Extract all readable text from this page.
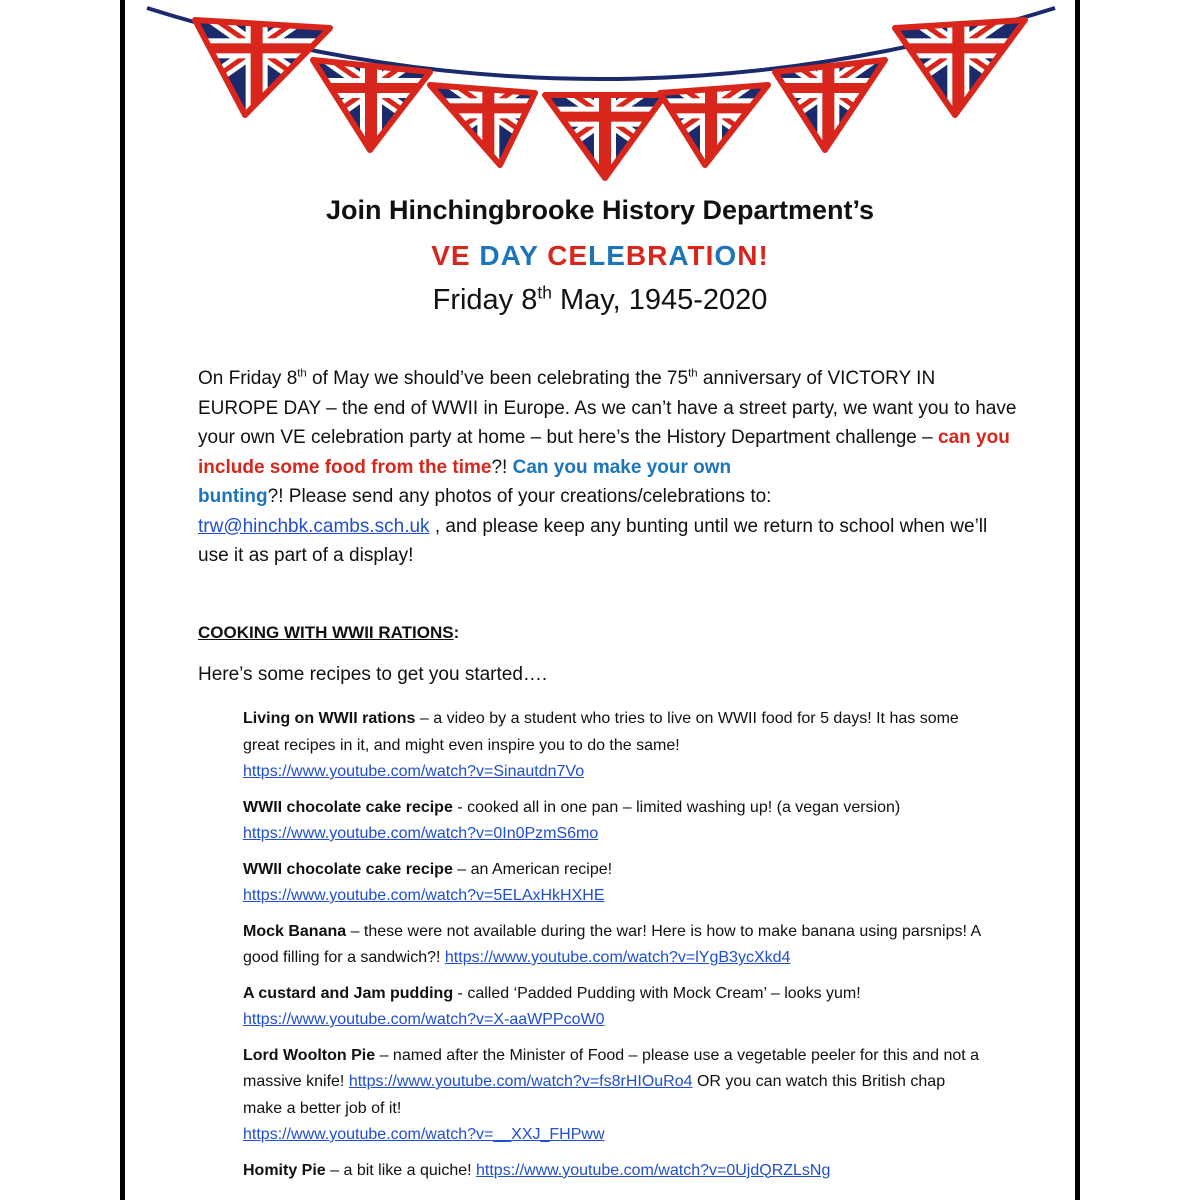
Join Hinchingbrooke History Department’s
VE DAY CELEBRATION!
Friday 8th May, 1945-2020
On Friday 8th of May we should’ve been celebrating the 75th anniversary of VICTORY IN EUROPE DAY – the end of WWII in Europe. As we can’t have a street party, we want you to have your own VE celebration party at home – but here’s the History Department challenge – can you include some food from the time?! Can you make your own
bunting?! Please send any photos of your creations/celebrations to:
trw@hinchbk.cambs.sch.uk , and please keep any bunting until we return to school when we’ll use it as part of a display!
COOKING WITH WWII RATIONS:
Here’s some recipes to get you started….
Living on WWII rations – a video by a student who tries to live on WWII food for 5 days! It has some great recipes in it, and might even inspire you to do the same!
https://www.youtube.com/watch?v=Sinautdn7Vo
WWII chocolate cake recipe - cooked all in one pan – limited washing up! (a vegan version)
https://www.youtube.com/watch?v=0In0PzmS6mo
WWII chocolate cake recipe – an American recipe!
https://www.youtube.com/watch?v=5ELAxHkHXHE
Mock Banana – these were not available during the war! Here is how to make banana using parsnips! A good filling for a sandwich?! https://www.youtube.com/watch?v=lYgB3ycXkd4
A custard and Jam pudding - called ‘Padded Pudding with Mock Cream’ – looks yum!
https://www.youtube.com/watch?v=X-aaWPPcoW0
Lord Woolton Pie – named after the Minister of Food – please use a vegetable peeler for this and not a massive knife! https://www.youtube.com/watch?v=fs8rHIOuRo4 OR you can watch this British chap make a better job of it!
https://www.youtube.com/watch?v=__XXJ_FHPww
Homity Pie – a bit like a quiche! https://www.youtube.com/watch?v=0UjdQRZLsNg
